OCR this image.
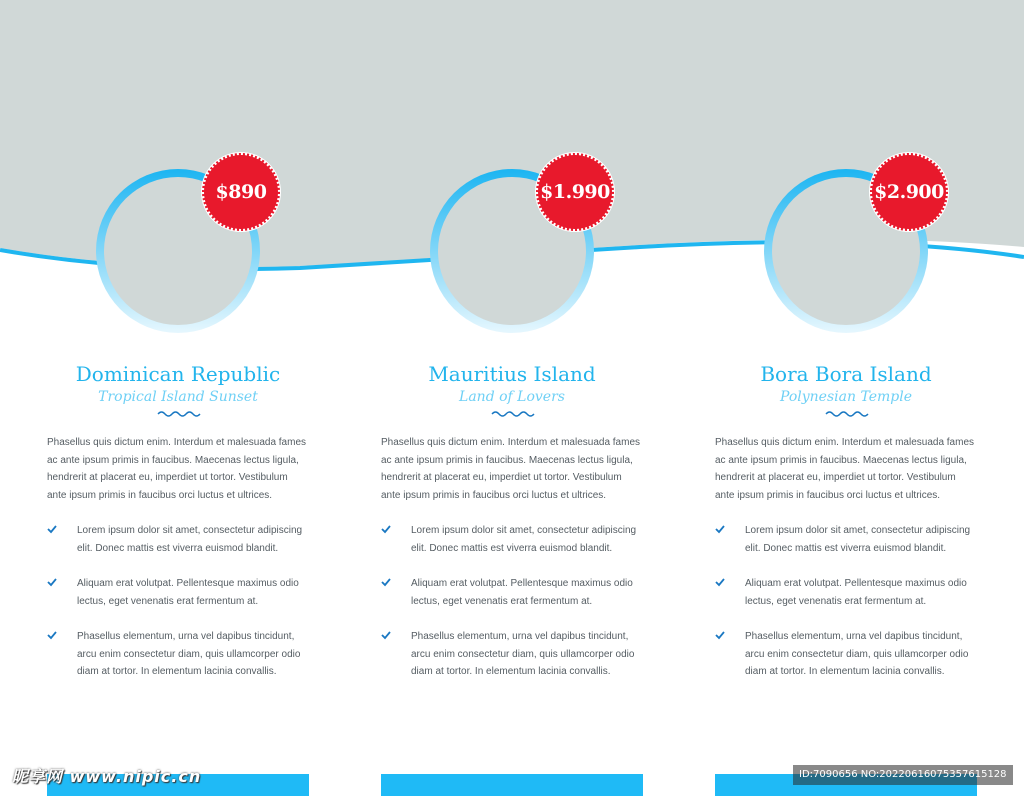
$890
Dominican Republic
Tropical Island Sunset

Phasellus quis dictum enim. Interdum et malesuada fames ac ante ipsum primis in faucibus. Maecenas lectus ligula, hendrerit at placerat eu, imperdiet ut tortor. Vestibulum ante ipsum primis in faucibus orci luctus et ultrices.

Lorem ipsum dolor sit amet, consectetur adipiscing elit. Donec mattis est viverra euismod blandit.
Aliquam erat volutpat. Pellentesque maximus odio lectus, eget venenatis erat fermentum at.
Phasellus elementum, urna vel dapibus tincidunt, arcu enim consectetur diam, quis ullamcorper odio diam at tortor. In elementum lacinia convallis.
$1.990
Mauritius Island
Land of Lovers

Phasellus quis dictum enim. Interdum et malesuada fames ac ante ipsum primis in faucibus. Maecenas lectus ligula, hendrerit at placerat eu, imperdiet ut tortor. Vestibulum ante ipsum primis in faucibus orci luctus et ultrices.

Lorem ipsum dolor sit amet, consectetur adipiscing elit. Donec mattis est viverra euismod blandit.
Aliquam erat volutpat. Pellentesque maximus odio lectus, eget venenatis erat fermentum at.
Phasellus elementum, urna vel dapibus tincidunt, arcu enim consectetur diam, quis ullamcorper odio diam at tortor. In elementum lacinia convallis.
$2.900
Bora Bora Island
Polynesian Temple

Phasellus quis dictum enim. Interdum et malesuada fames ac ante ipsum primis in faucibus. Maecenas lectus ligula, hendrerit at placerat eu, imperdiet ut tortor. Vestibulum ante ipsum primis in faucibus orci luctus et ultrices.

Lorem ipsum dolor sit amet, consectetur adipiscing elit. Donec mattis est viverra euismod blandit.
Aliquam erat volutpat. Pellentesque maximus odio lectus, eget venenatis erat fermentum at.
Phasellus elementum, urna vel dapibus tincidunt, arcu enim consectetur diam, quis ullamcorper odio diam at tortor. In elementum lacinia convallis.
昵享网 www.nipic.cn	ID:7090656 NO:20220616075357615128
